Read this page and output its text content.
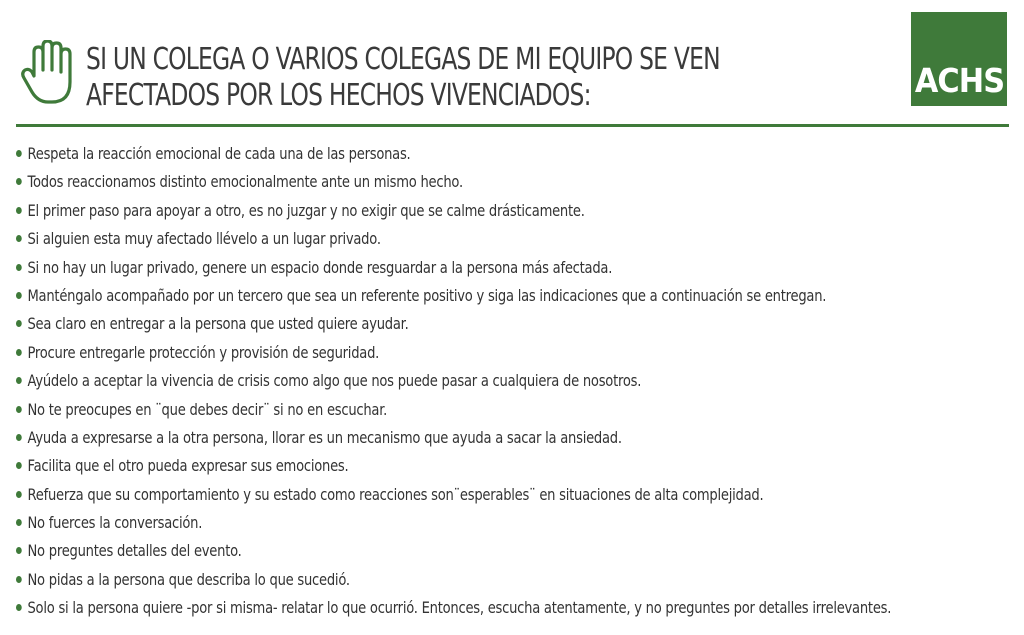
SI UN COLEGA O VARIOS COLEGAS DE MI EQUIPO SE VEN
AFECTADOS POR LOS HECHOS VIVENCIADOS:	ACHS
Respeta la reacción emocional de cada una de las personas.
Todos reaccionamos distinto emocionalmente ante un mismo hecho.
El primer paso para apoyar a otro, es no juzgar y no exigir que se calme drásticamente.
Si alguien esta muy afectado llévelo a un lugar privado.
Si no hay un lugar privado, genere un espacio donde resguardar a la persona más afectada.
Manténgalo acompañado por un tercero que sea un referente positivo y siga las indicaciones que a continuación se entregan.
Sea claro en entregar a la persona que usted quiere ayudar.
Procure entregarle protección y provisión de seguridad.
Ayúdelo a aceptar la vivencia de crisis como algo que nos puede pasar a cualquiera de nosotros.
No te preocupes en ¨que debes decir¨ si no en escuchar.
Ayuda a expresarse a la otra persona, llorar es un mecanismo que ayuda a sacar la ansiedad.
Facilita que el otro pueda expresar sus emociones.
Refuerza que su comportamiento y su estado como reacciones son¨esperables¨ en situaciones de alta complejidad.
No fuerces la conversación.
No preguntes detalles del evento.
No pidas a la persona que describa lo que sucedió.
Solo si la persona quiere -por si misma- relatar lo que ocurrió. Entonces, escucha atentamente, y no preguntes por detalles irrelevantes.
